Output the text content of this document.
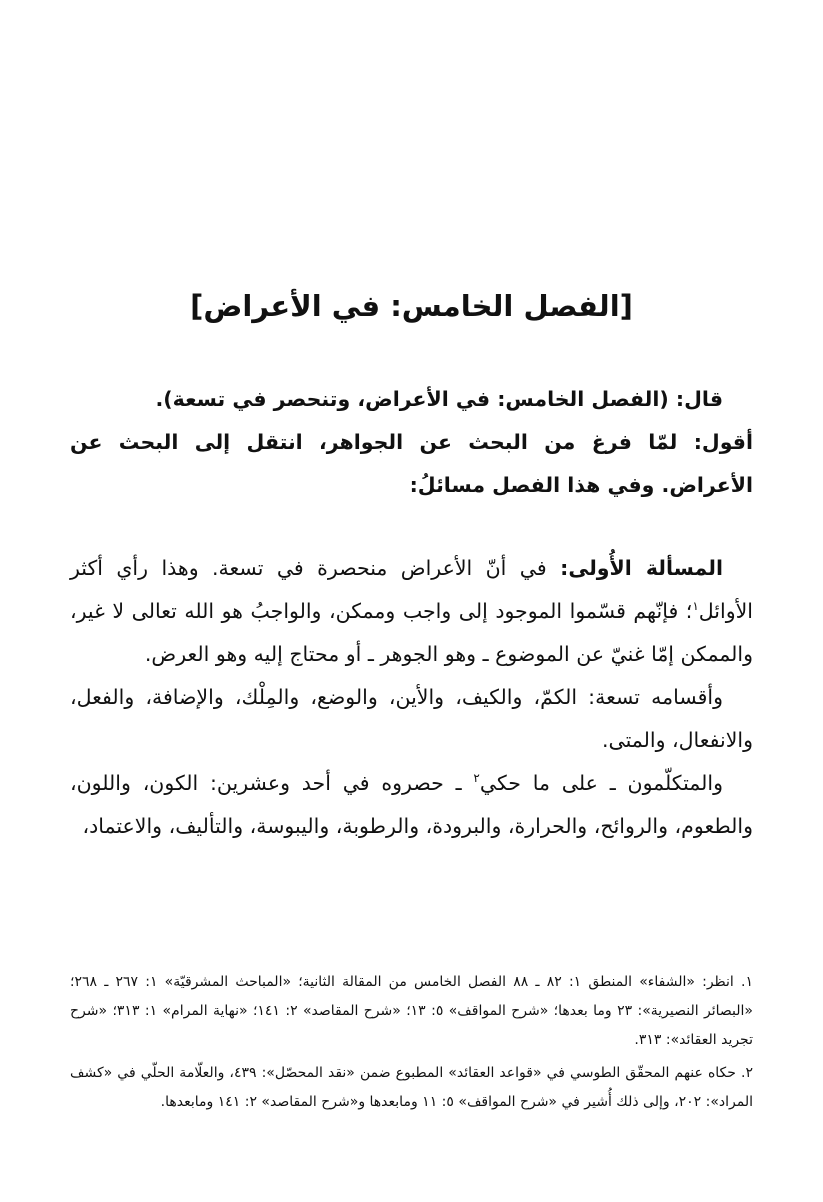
[الفصل الخامس: في الأعراض]

قال: (الفصل الخامس: في الأعراض، وتنحصر في تسعة).

أقول: لمّا فرغ من البحث عن الجواهر، انتقل إلى البحث عن الأعراض. وفي هذا الفصل مسائلُ:

المسألة الأُولى: في أنّ الأعراض منحصرة في تسعة. وهذا رأي أكثر الأوائل$^١$؛ فإنّهم قسّموا الموجود إلى واجب وممكن، والواجبُ هو الله تعالى لا غير، والممكن إمّا غنيّ عن الموضوع ـ وهو الجوهر ـ أو محتاج إليه وهو العرض.

وأقسامه تسعة: الكمّ، والكيف، والأين، والوضع، والمِلْك، والإضافة، والفعل، والانفعال، والمتى.

والمتكلّمون ـ على ما حكي$^٢$ ـ حصروه في أحد وعشرين: الكون، واللون، والطعوم، والروائح، والحرارة، والبرودة، والرطوبة، واليبوسة، والتأليف، والاعتماد،

١. انظر: «الشفاء» المنطق ١: ٨٢ ـ ٨٨ الفصل الخامس من المقالة الثانية؛ «المباحث المشرقيّة» ١: ٢٦٧ ـ ٢٦٨؛ «البصائر النصيرية»: ٢٣ وما بعدها؛ «شرح المواقف» ٥: ١٣؛ «شرح المقاصد» ٢: ١٤١؛ «نهاية المرام» ١: ٣١٣؛ «شرح تجريد العقائد»: ٣١٣.

٢. حكاه عنهم المحقّق الطوسي في «قواعد العقائد» المطبوع ضمن «نقد المحصّل»: ٤٣٩، والعلّامة الحلّي في «كشف المراد»: ٢٠٢، وإلى ذلك أُشير في «شرح المواقف» ٥: ١١ ومابعدها و«شرح المقاصد» ٢: ١٤١ ومابعدها.
